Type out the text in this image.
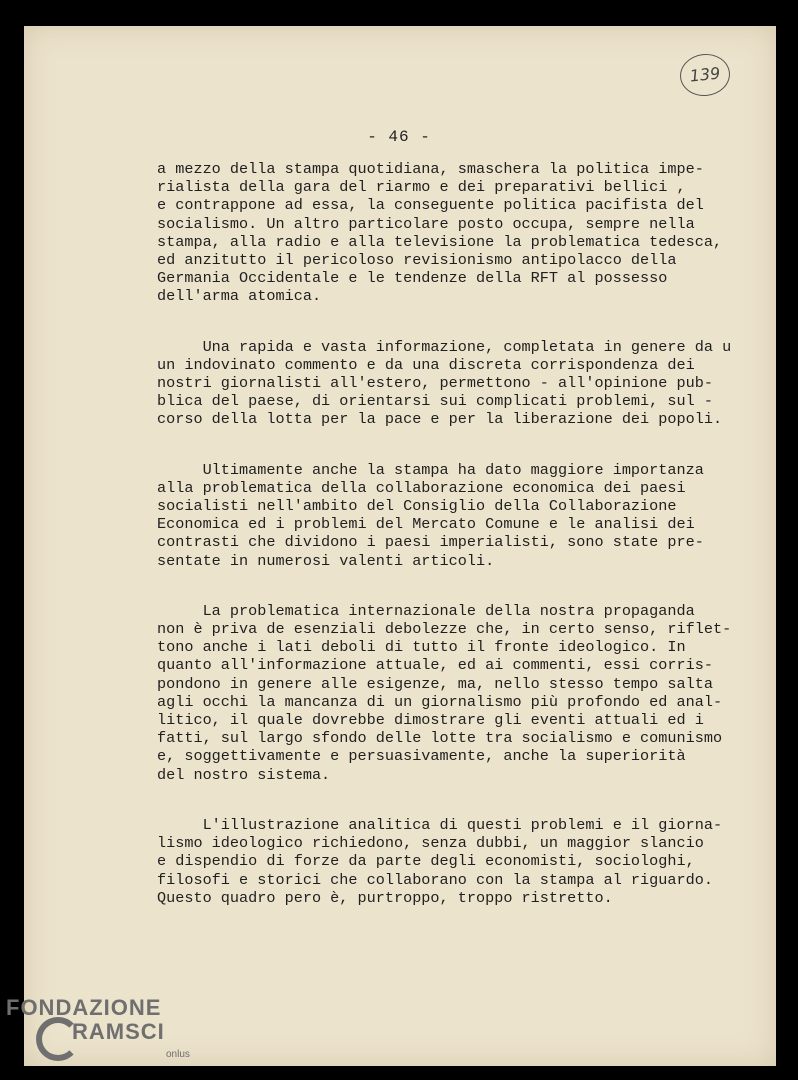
139
- 46 -

a mezzo della stampa quotidiana, smaschera la politica impe-
rialista della gara del riarmo e dei preparativi bellici ,
e contrappone ad essa, la conseguente politica pacifista del
socialismo. Un altro particolare posto occupa, sempre nella
stampa, alla radio e alla televisione la problematica tedesca,
ed anzitutto il pericoloso revisionismo antipolacco della
Germania Occidentale e le tendenze della RFT al possesso
dell'arma atomica.

Una rapida e vasta informazione, completata in genere da u
un indovinato commento e da una discreta corrispondenza dei
nostri giornalisti all'estero, permettono - all'opinione pub-
blica del paese, di orientarsi sui complicati problemi, sul -
corso della lotta per la pace e per la liberazione dei popoli.

Ultimamente anche la stampa ha dato maggiore importanza
alla problematica della collaborazione economica dei paesi
socialisti nell'ambito del Consiglio della Collaborazione
Economica ed i problemi del Mercato Comune e le analisi dei
contrasti che dividono i paesi imperialisti, sono state pre-
sentate in numerosi valenti articoli.

La problematica internazionale della nostra propaganda
non è priva de esenziali debolezze che, in certo senso, riflet-
tono anche i lati deboli di tutto il fronte ideologico. In
quanto all'informazione attuale, ed ai commenti, essi corris-
pondono in genere alle esigenze, ma, nello stesso tempo salta
agli occhi la mancanza di un giornalismo più profondo ed anal-
litico, il quale dovrebbe dimostrare gli eventi attuali ed i
fatti, sul largo sfondo delle lotte tra socialismo e comunismo
e, soggettivamente e persuasivamente, anche la superiorità
del nostro sistema.

L'illustrazione analitica di questi problemi e il giorna-
lismo ideologico richiedono, senza dubbi, un maggior slancio
e dispendio di forze da parte degli economisti, sociologhi,
filosofi e storici che collaborano con la stampa al riguardo.
Questo quadro pero è, purtroppo, troppo ristretto.

FONDAZIONE
RAMSCI
onlus
